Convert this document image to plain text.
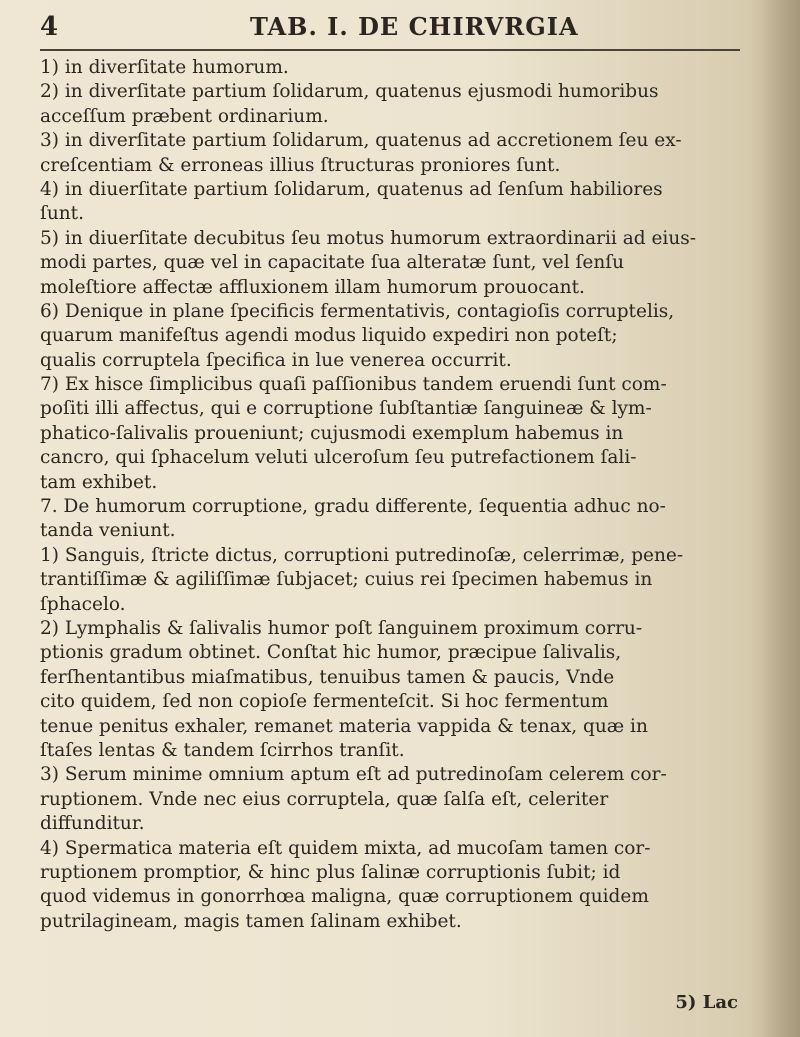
4	TAB. I. DE CHIRVRGIA
1) in diverſitate humorum.
2) in diverſitate partium ſolidarum, quatenus ejusmodi humoribus
acceſſum præbent ordinarium.
3) in diverſitate partium ſolidarum, quatenus ad accretionem ſeu ex-
creſcentiam & erroneas illius ſtructuras proniores ſunt.
4) in diuerſitate partium ſolidarum, quatenus ad ſenſum habiliores
ſunt.
5) in diuerſitate decubitus ſeu motus humorum extraordinarii ad eius-
modi partes, quæ vel in capacitate ſua alteratæ ſunt, vel ſenſu
moleſtiore affectæ affluxionem illam humorum prouocant.
6) Denique in plane ſpecificis fermentativis, contagioſis corruptelis,
quarum manifeſtus agendi modus liquido expediri non poteſt;
qualis corruptela ſpecifica in lue venerea occurrit.
7) Ex hisce ſimplicibus quaſi paſſionibus tandem eruendi ſunt com-
poſiti illi affectus, qui e corruptione ſubſtantiæ ſanguineæ & lym-
phatico-ſalivalis proueniunt; cujusmodi exemplum habemus in
cancro, qui ſphacelum veluti ulceroſum ſeu putrefactionem ſali-
tam exhibet.
7. De humorum corruptione, gradu differente, ſequentia adhuc no-
tanda veniunt.
1) Sanguis, ſtricte dictus, corruptioni putredinoſæ, celerrimæ, pene-
trantiſſimæ & agiliſſimæ ſubjacet; cuius rei ſpecimen habemus in
ſphacelo.
2) Lymphalis & ſalivalis humor poſt ſanguinem proximum corru-
ptionis gradum obtinet. Conſtat hic humor, præcipue ſalivalis,
ferſhentantibus miaſmatibus, tenuibus tamen & paucis, Vnde
cito quidem, ſed non copioſe fermenteſcit. Si hoc fermentum
tenue penitus exhaler, remanet materia vappida & tenax, quæ in
ſtaſes lentas & tandem ſcirrhos tranſit.
3) Serum minime omnium aptum eſt ad putredinoſam celerem cor-
ruptionem. Vnde nec eius corruptela, quæ ſalſa eſt, celeriter
diffunditur.
4) Spermatica materia eſt quidem mixta, ad mucoſam tamen cor-
ruptionem promptior, & hinc plus ſalinæ corruptionis ſubit; id
quod videmus in gonorrhœa maligna, quæ corruptionem quidem
putrilagineam, magis tamen ſalinam exhibet.
5) Lac
